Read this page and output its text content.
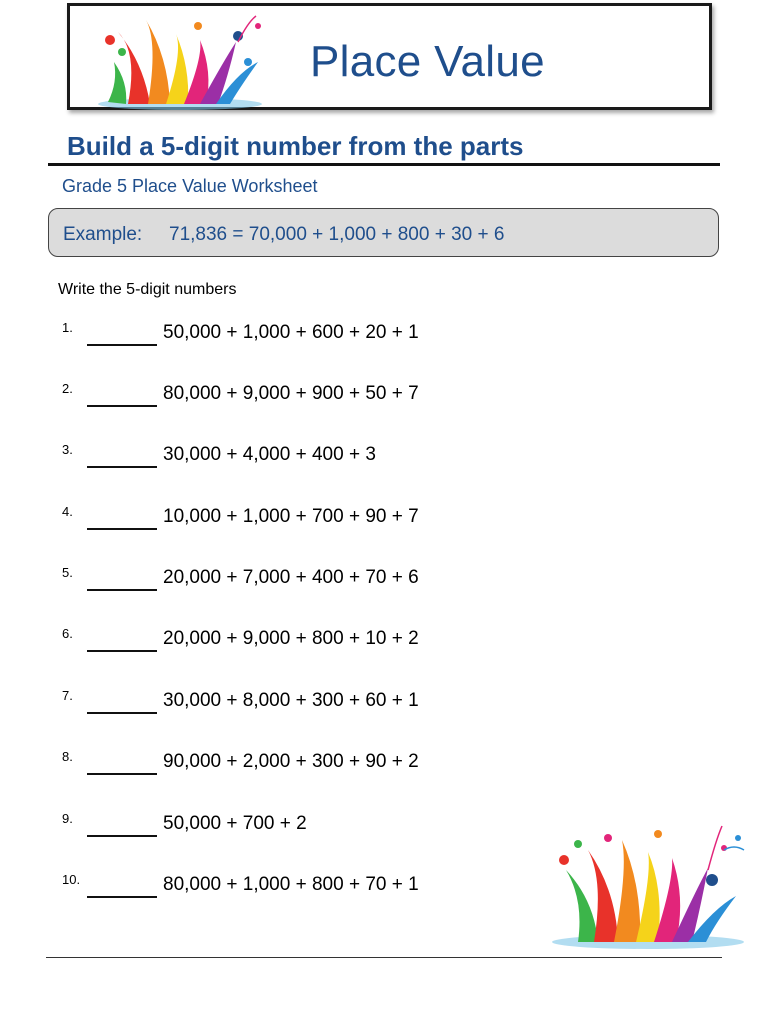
Place Value
Build a 5-digit number from the parts
Grade 5 Place Value Worksheet
Example: 71,836 = 70,000 + 1,000 + 800 + 30 + 6
Write the 5-digit numbers
1.	50,000 + 1,000 + 600 + 20 + 1
2.	80,000 + 9,000 + 900 + 50 + 7
3.	30,000 + 4,000 + 400 + 3
4.	10,000 + 1,000 + 700 + 90 + 7
5.	20,000 + 7,000 + 400 + 70 + 6
6.	20,000 + 9,000 + 800 + 10 + 2
7.	30,000 + 8,000 + 300 + 60 + 1
8.	90,000 + 2,000 + 300 + 90 + 2
9.	50,000 + 700 + 2
10.	80,000 + 1,000 + 800 + 70 + 1
